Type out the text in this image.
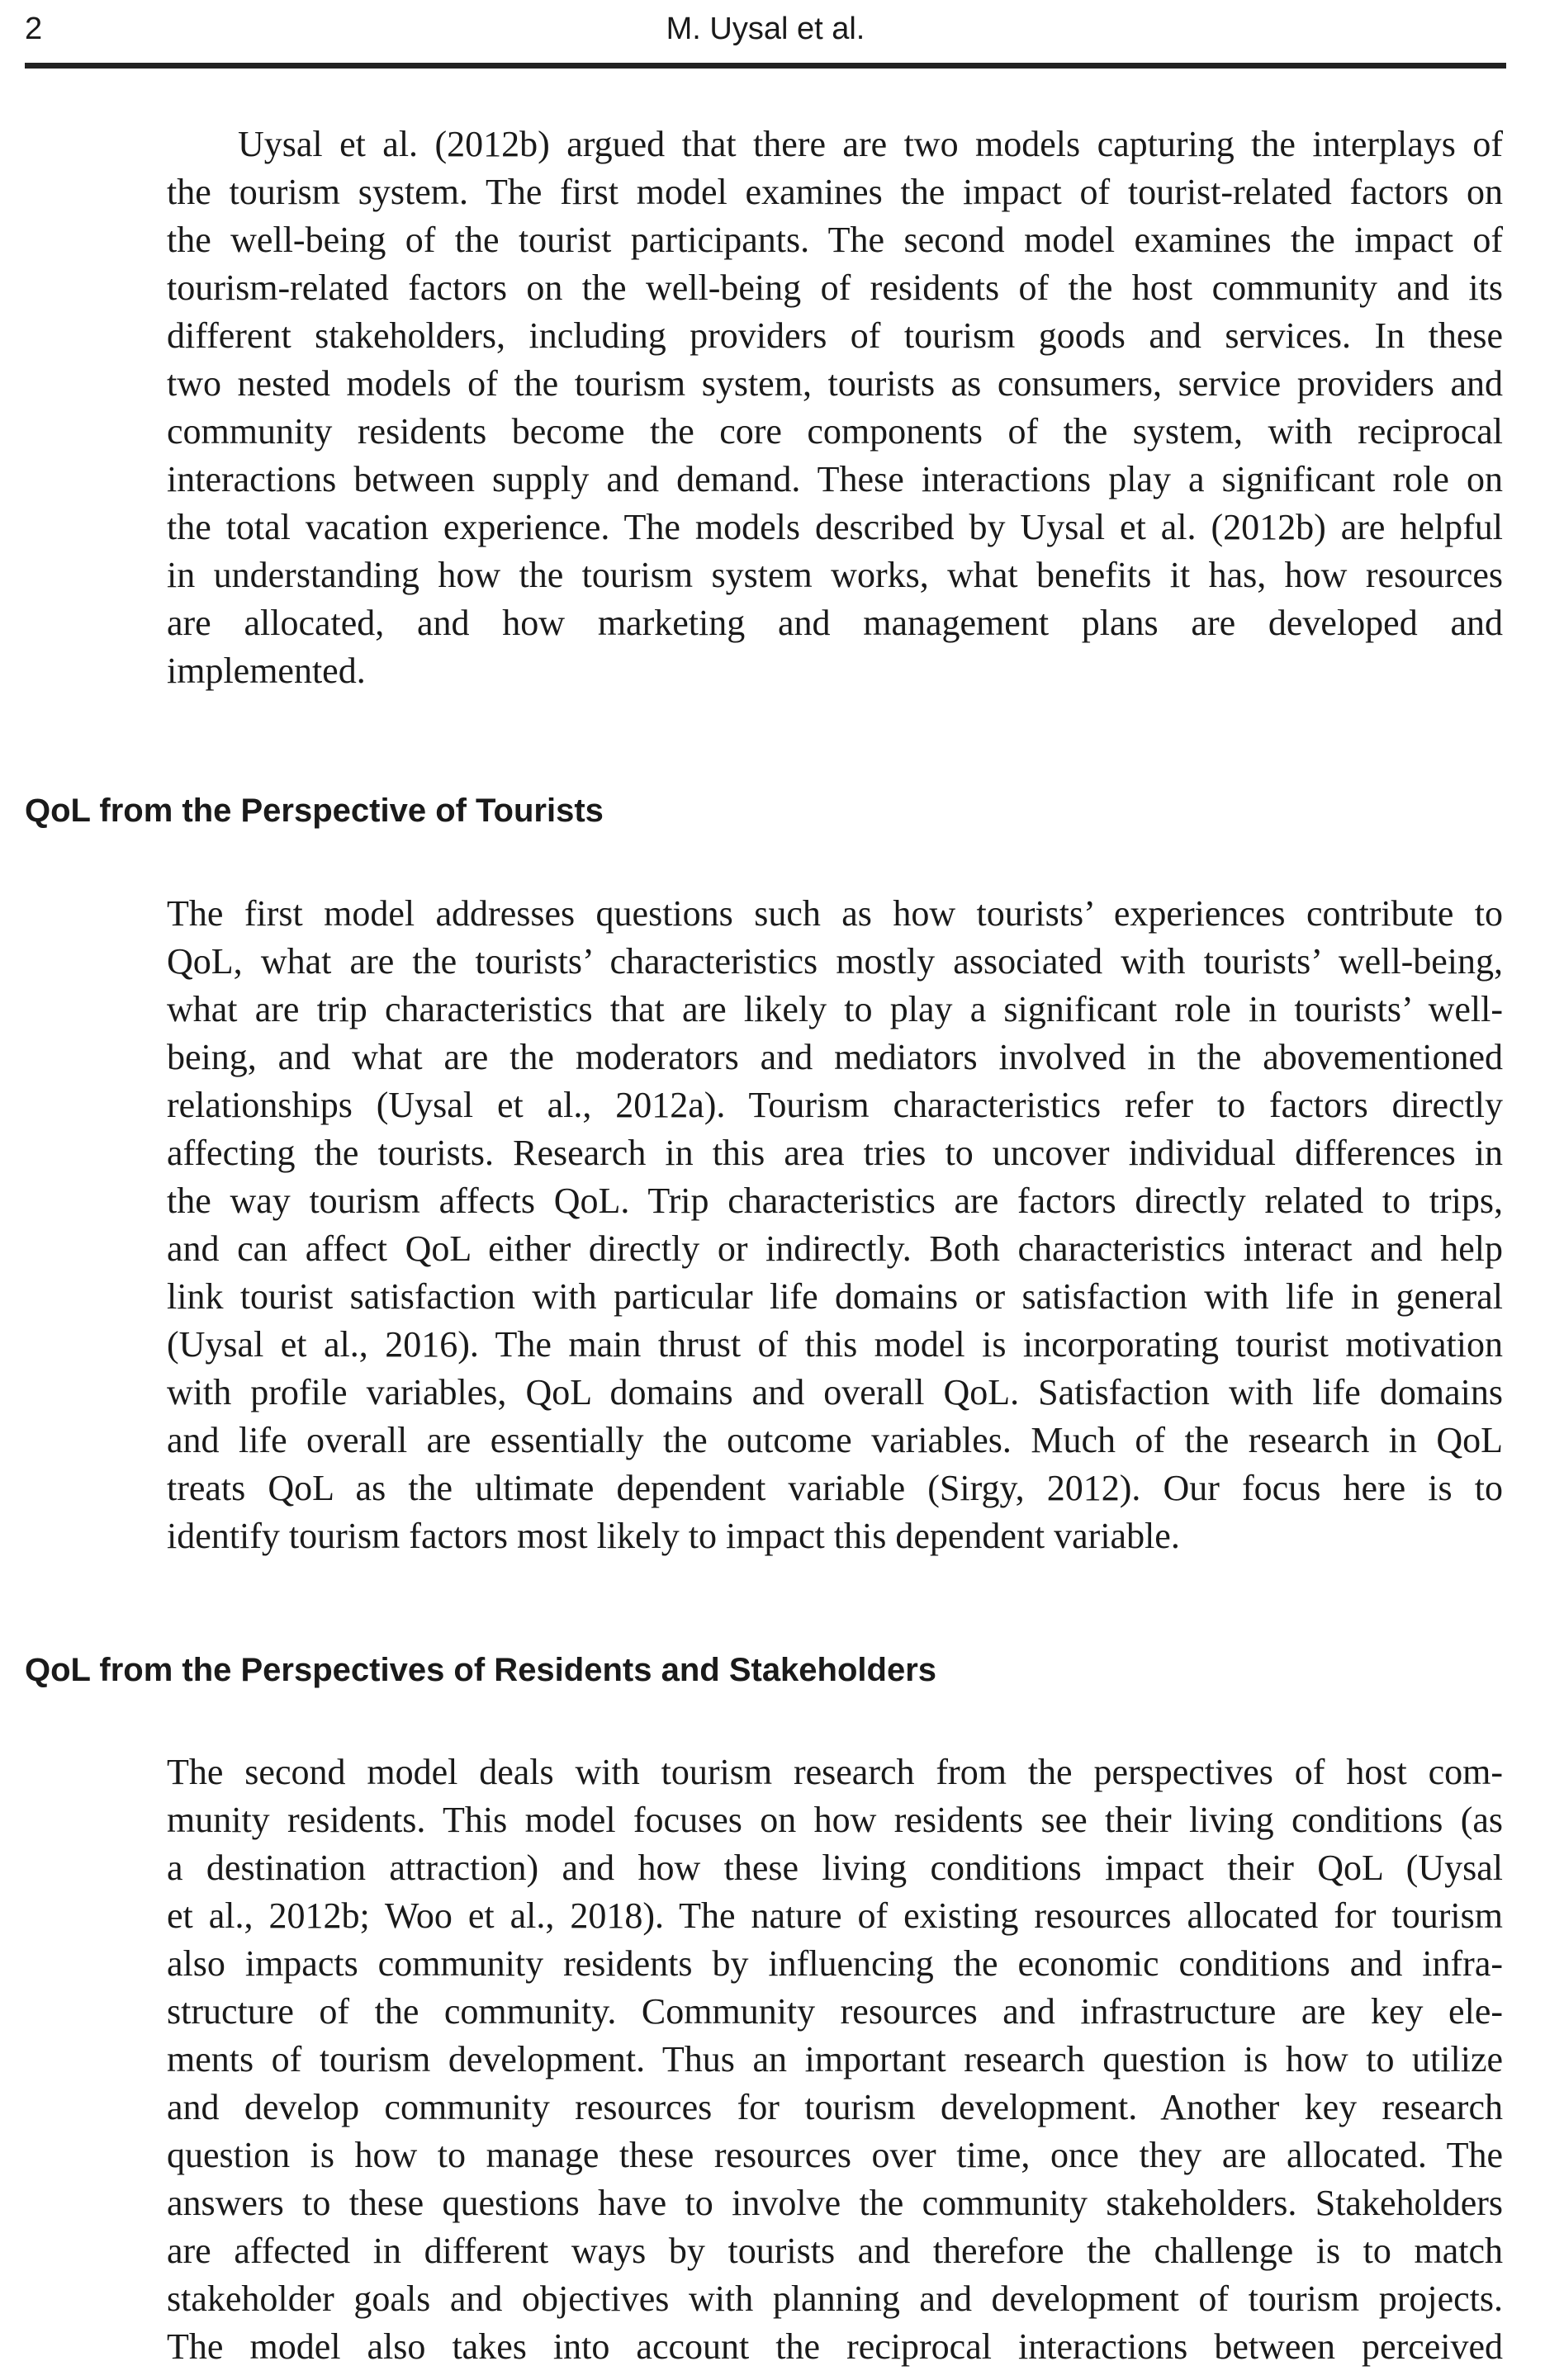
2	M. Uysal et al.
Uysal et al. (2012b) argued that there are two models capturing the interplays of
the tourism system. The first model examines the impact of tourist-related factors on
the well-being of the tourist participants. The second model examines the impact of
tourism-related factors on the well-being of residents of the host community and its
different stakeholders, including providers of tourism goods and services. In these
two nested models of the tourism system, tourists as consumers, service providers and
community residents become the core components of the system, with reciprocal
interactions between supply and demand. These interactions play a significant role on
the total vacation experience. The models described by Uysal et al. (2012b) are helpful
in understanding how the tourism system works, what benefits it has, how resources
are allocated, and how marketing and management plans are developed and
implemented.
QoL from the Perspective of Tourists
The first model addresses questions such as how tourists’ experiences contribute to
QoL, what are the tourists’ characteristics mostly associated with tourists’ well-being,
what are trip characteristics that are likely to play a significant role in tourists’ well-
being, and what are the moderators and mediators involved in the abovementioned
relationships (Uysal et al., 2012a). Tourism characteristics refer to factors directly
affecting the tourists. Research in this area tries to uncover individual differences in
the way tourism affects QoL. Trip characteristics are factors directly related to trips,
and can affect QoL either directly or indirectly. Both characteristics interact and help
link tourist satisfaction with particular life domains or satisfaction with life in general
(Uysal et al., 2016). The main thrust of this model is incorporating tourist motivation
with profile variables, QoL domains and overall QoL. Satisfaction with life domains
and life overall are essentially the outcome variables. Much of the research in QoL
treats QoL as the ultimate dependent variable (Sirgy, 2012). Our focus here is to
identify tourism factors most likely to impact this dependent variable.
QoL from the Perspectives of Residents and Stakeholders
The second model deals with tourism research from the perspectives of host com-
munity residents. This model focuses on how residents see their living conditions (as
a destination attraction) and how these living conditions impact their QoL (Uysal
et al., 2012b; Woo et al., 2018). The nature of existing resources allocated for tourism
also impacts community residents by influencing the economic conditions and infra-
structure of the community. Community resources and infrastructure are key ele-
ments of tourism development. Thus an important research question is how to utilize
and develop community resources for tourism development. Another key research
question is how to manage these resources over time, once they are allocated. The
answers to these questions have to involve the community stakeholders. Stakeholders
are affected in different ways by tourists and therefore the challenge is to match
stakeholder goals and objectives with planning and development of tourism projects.
The model also takes into account the reciprocal interactions between perceived
